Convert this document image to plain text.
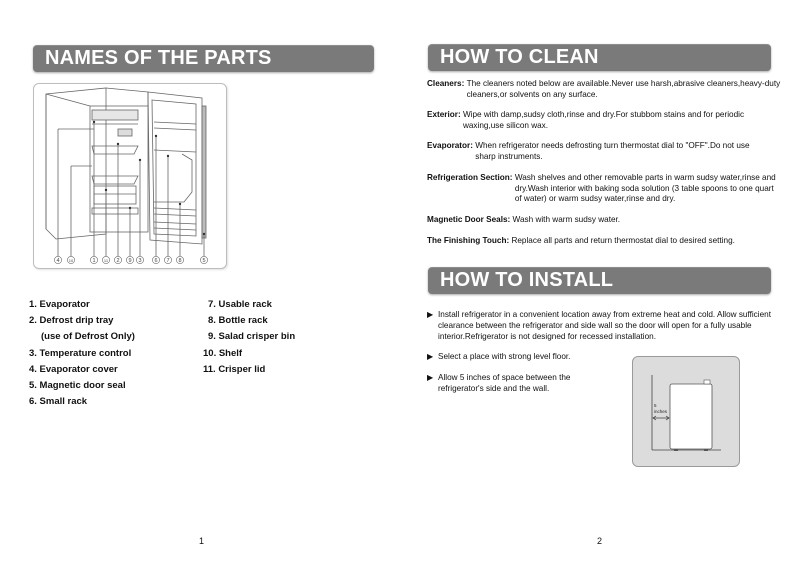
NAMES OF THE PARTS
4 10	1 11 2 9 3 6 7 8	5
1. Evaporator
2. Defrost drip tray
(use of Defrost Only)
3. Temperature control
4. Evaporator cover
5. Magnetic door seal
6. Small rack
7. Usable rack
8. Bottle rack
9. Salad crisper bin
10. Shelf
11. Crisper lid
1
HOW TO CLEAN
Cleaners:
The cleaners noted below are available.Never use harsh,abrasive cleaners,heavy-duty cleaners,or solvents on any surface.
Exterior:
Wipe with damp,sudsy cloth,rinse and dry.For stubbom stains and for periodic waxing,use silicon wax.
Evaporator:
When refrigerator needs defrosting turn thermostat dial to "OFF".Do not use sharp instruments.
Refrigeration Section:
Wash shelves and other removable parts in warm sudsy water,rinse and dry.Wash interior with baking soda solution (3 table spoons to one quart of water) or warm sudsy water,rinse and dry.
Magnetic Door Seals:
Wash with warm sudsy water.
The Finishing Touch:
Replace all parts and return thermostat dial to desired setting.
HOW TO INSTALL
▶ Install refrigerator in a convenient location away from extreme heat and cold. Allow sufficient clearance between the refrigerator and side wall so the door will open for a fully usable interior.Refrigerator is not designed for recessed installation.
▶ Select a place with strong level floor.
▶ Allow 5 inches of space between the refrigerator's side and the wall.
5
inches
2
